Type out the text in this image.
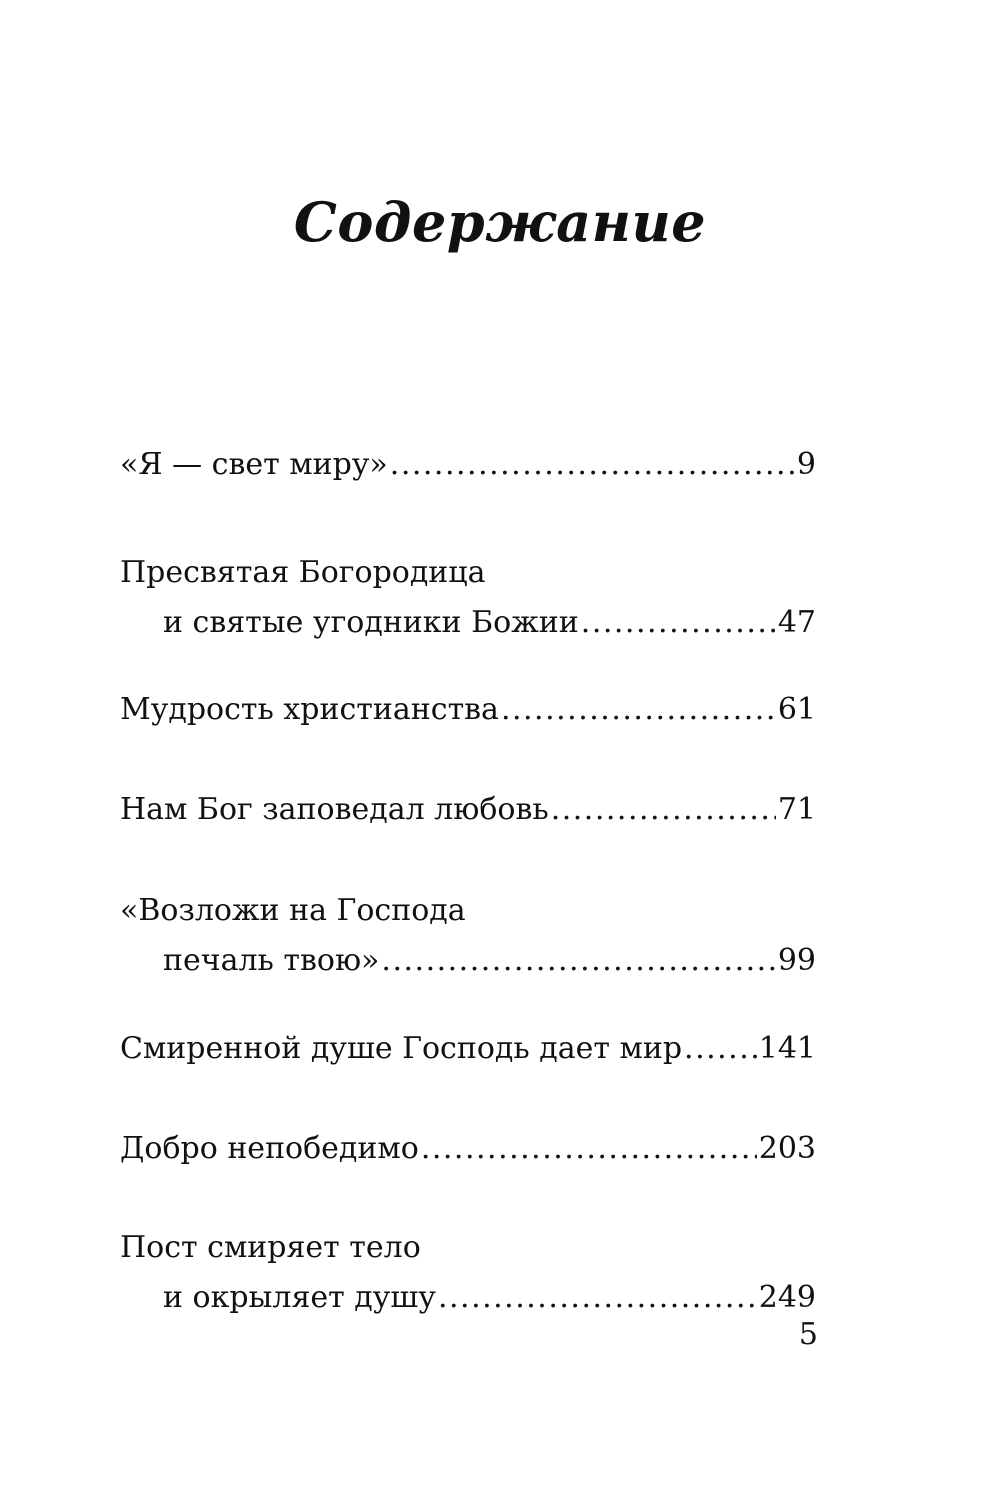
Содержание
«Я — свет миру» .....	9
Пресвятая Богородица
и святые угодники Божии .....	47
Мудрость христианства .....	61
Нам Бог заповедал любовь .....	71
«Возложи на Господа
печаль твою» .....	99
Смиренной душе Господь дает мир .....	141
Добро непобедимо .....	203
Пост смиряет тело
и окрыляет душу .....	249
5
